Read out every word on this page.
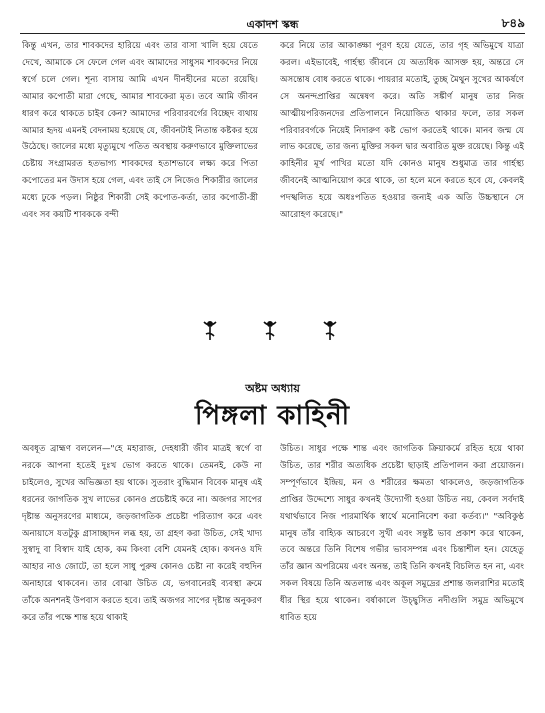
একাদশ স্কন্ধ	৮৪৯

কিন্তু এখন, তার শাবকদের হারিয়ে এবং তার বাসা খালি হয়ে যেতে দেখে, আমাকে সে ফেলে গেল এবং আমাদের সাধুসম শাবকদের নিয়ে স্বর্গে চলে গেল। শূন্য বাসায় আমি এখন দীনহীনের মতো রয়েছি। আমার কপোতী মারা গেছে, আমার শাবকেরা মৃত। তবে আমি জীবন ধারণ করে থাকতে চাইব কেন? আমাদের পরিবারবর্গের বিচ্ছেদ ব্যথায় আমার হৃদয় এমনই বেদনাময় হয়েছে যে, জীবনটাই নিতান্ত কষ্টকর হয়ে উঠেছে। জালের মধ্যে মৃত্যুমুখে পতিত অবস্থায় করুণভাবে মুক্তিলাভের চেষ্টায় সংগ্রামরত হতভাগ্য শাবকদের হতাশভাবে লক্ষ্য করে পিতা কপোতের মন উদাস হয়ে গেল, এবং তাই সে নিজেও শিকারীর জালের মধ্যে ঢুকে পড়ল। নিষ্ঠুর শিকারী সেই কপোত-কর্তা, তার কপোতী-স্ত্রী এবং সব কয়টি শাবককে বন্দী

করে নিয়ে তার আকাঙ্ক্ষা পূরণ হয়ে যেতে, তার গৃহ অভিমুখে যাত্রা করল। এইভাবেই, গার্হস্থ্য জীবনে যে অত্যধিক আসক্ত হয়, অন্তরে সে অসন্তোষ বোধ করতে থাকে। পায়রার মতোই, তুচ্ছ মৈথুন সুখের আকর্ষণে সে অনন্দপ্রাপ্তির অন্বেষণ করে। অতি সঙ্কীর্ণ মানুষ তার নিজ আত্মীয়পরিজনদের প্রতিপালনে নিয়োজিত থাকার ফলে, তার সকল পরিবারবর্গকে নিয়েই নিদারুণ কষ্ট ভোগ করতেই থাকে। মানব জন্ম যে লাভ করেছে, তার জন্য মুক্তির সকল দ্বার অবারিত মুক্ত রয়েছে। কিন্তু এই কাহিনীর মূর্খ পাখির মতো যদি কোনও মানুষ শুধুমাত্র তার গার্হস্থ্য জীবনেই আত্মনিয়োগ করে থাকে, তা হলে মনে করতে হবে যে, কেবলই পদস্খলিত হয়ে অধঃপতিত হওয়ার জন্যই এক অতি উচ্চস্থানে সে আরোহণ করেছে।"

অষ্টম অধ্যায়
পিঙ্গলা কাহিনী

অবধূত ব্রাহ্মণ বললেন—"হে মহারাজ, দেহধারী জীব মাত্রই স্বর্গে বা নরকে আপনা হতেই দুঃখ ভোগ করতে থাকে। তেমনই, কেউ না চাইলেও, সুখের অভিজ্ঞতা হয় থাকে। সুতরাং বুদ্ধিমান বিবেক মানুষ এই ধরনের জাগতিক সুখ লাভের কোনও প্রচেষ্টাই করে না। অজগর সাপের দৃষ্টান্ত অনুসরণের মাধ্যমে, জড়জাগতিক প্রচেষ্টা পরিত্যাগ করে এবং অনায়াসে যতটুকু গ্রাসাচ্ছাদন লব্ধ হয়, তা গ্রহণ করা উচিত, সেই খাদ্য সুস্বাদু বা বিস্বাদ যাই হোক, কম কিংবা বেশি যেমনই হোক। কখনও যদি আহার নাও জোটে, তা হলে সাধু পুরুষ কোনও চেষ্টা না করেই বহুদিন অনাহারে থাকবেন। তার বোঝা উচিত যে, ভগবানেরই ব্যবস্থা ক্রমে তাঁকে অনশনই উপবাস করতে হবে। তাই অজগর সাপের দৃষ্টান্ত অনুকরণ করে তাঁর পক্ষে শান্ত হয়ে থাকাই

উচিত। সাধুর পক্ষে শান্ত এবং জাগতিক ক্রিয়াকর্মে রহিত হয়ে থাকা উচিত, তার শরীর অত্যধিক প্রচেষ্টা ছাড়াই প্রতিপালন করা প্রয়োজন। সম্পূর্ণভাবে ইন্দ্রিয়, মন ও শরীরের ক্ষমতা থাকলেও, জড়জাগতিক প্রাপ্তির উদ্দেশ্যে সাধুর কখনই উদ্যোগী হওয়া উচিত নয়, কেবল সর্বদাই যথার্থভাবে নিজ পারমার্থিক স্বার্থে মনোনিবেশ করা কর্তব্য।" "অবিকুণ্ঠ মানুষ তাঁর বাহ্যিক আচরণে সুখী এবং সন্তুষ্ট ভাব প্রকাশ করে থাকেন, তবে অন্তরে তিনি বিশেষ গভীর ভাবসম্পন্ন এবং চিন্তাশীল হন। যেহেতু তাঁর জ্ঞান অপরিমেয় এবং অনন্ত, তাই তিনি কখনই বিচলিত হন না, এবং সকল বিষয়ে তিনি অতলান্ত এবং অকূল সমুদ্রের প্রশান্ত জলরাশির মতোই ধীর স্থির হয়ে থাকেন। বর্ষাকালে উচ্ছ্বসিত নদীগুলি সমুদ্র অভিমুখে ধাবিত হয়ে
